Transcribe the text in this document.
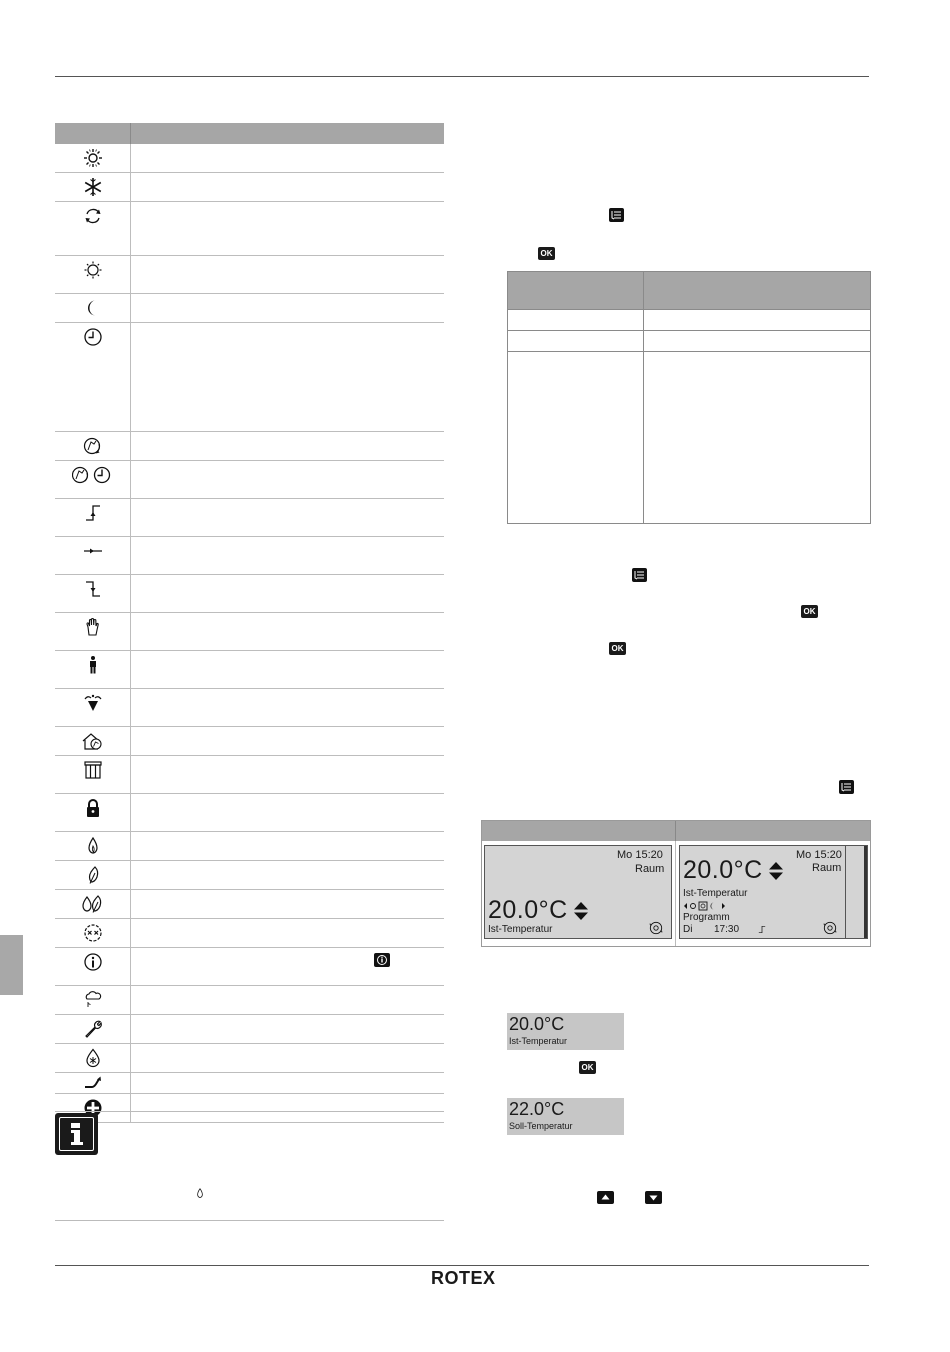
OK
OK
OK
Mo 15:20
Raum
20.0°C
Ist-Temperatur
Mo 15:20
Raum
20.0°C
Ist-Temperatur
Programm
Di 17:30
20.0°C
Ist-Temperatur
OK
22.0°C
Soll-Temperatur
ROTEX
